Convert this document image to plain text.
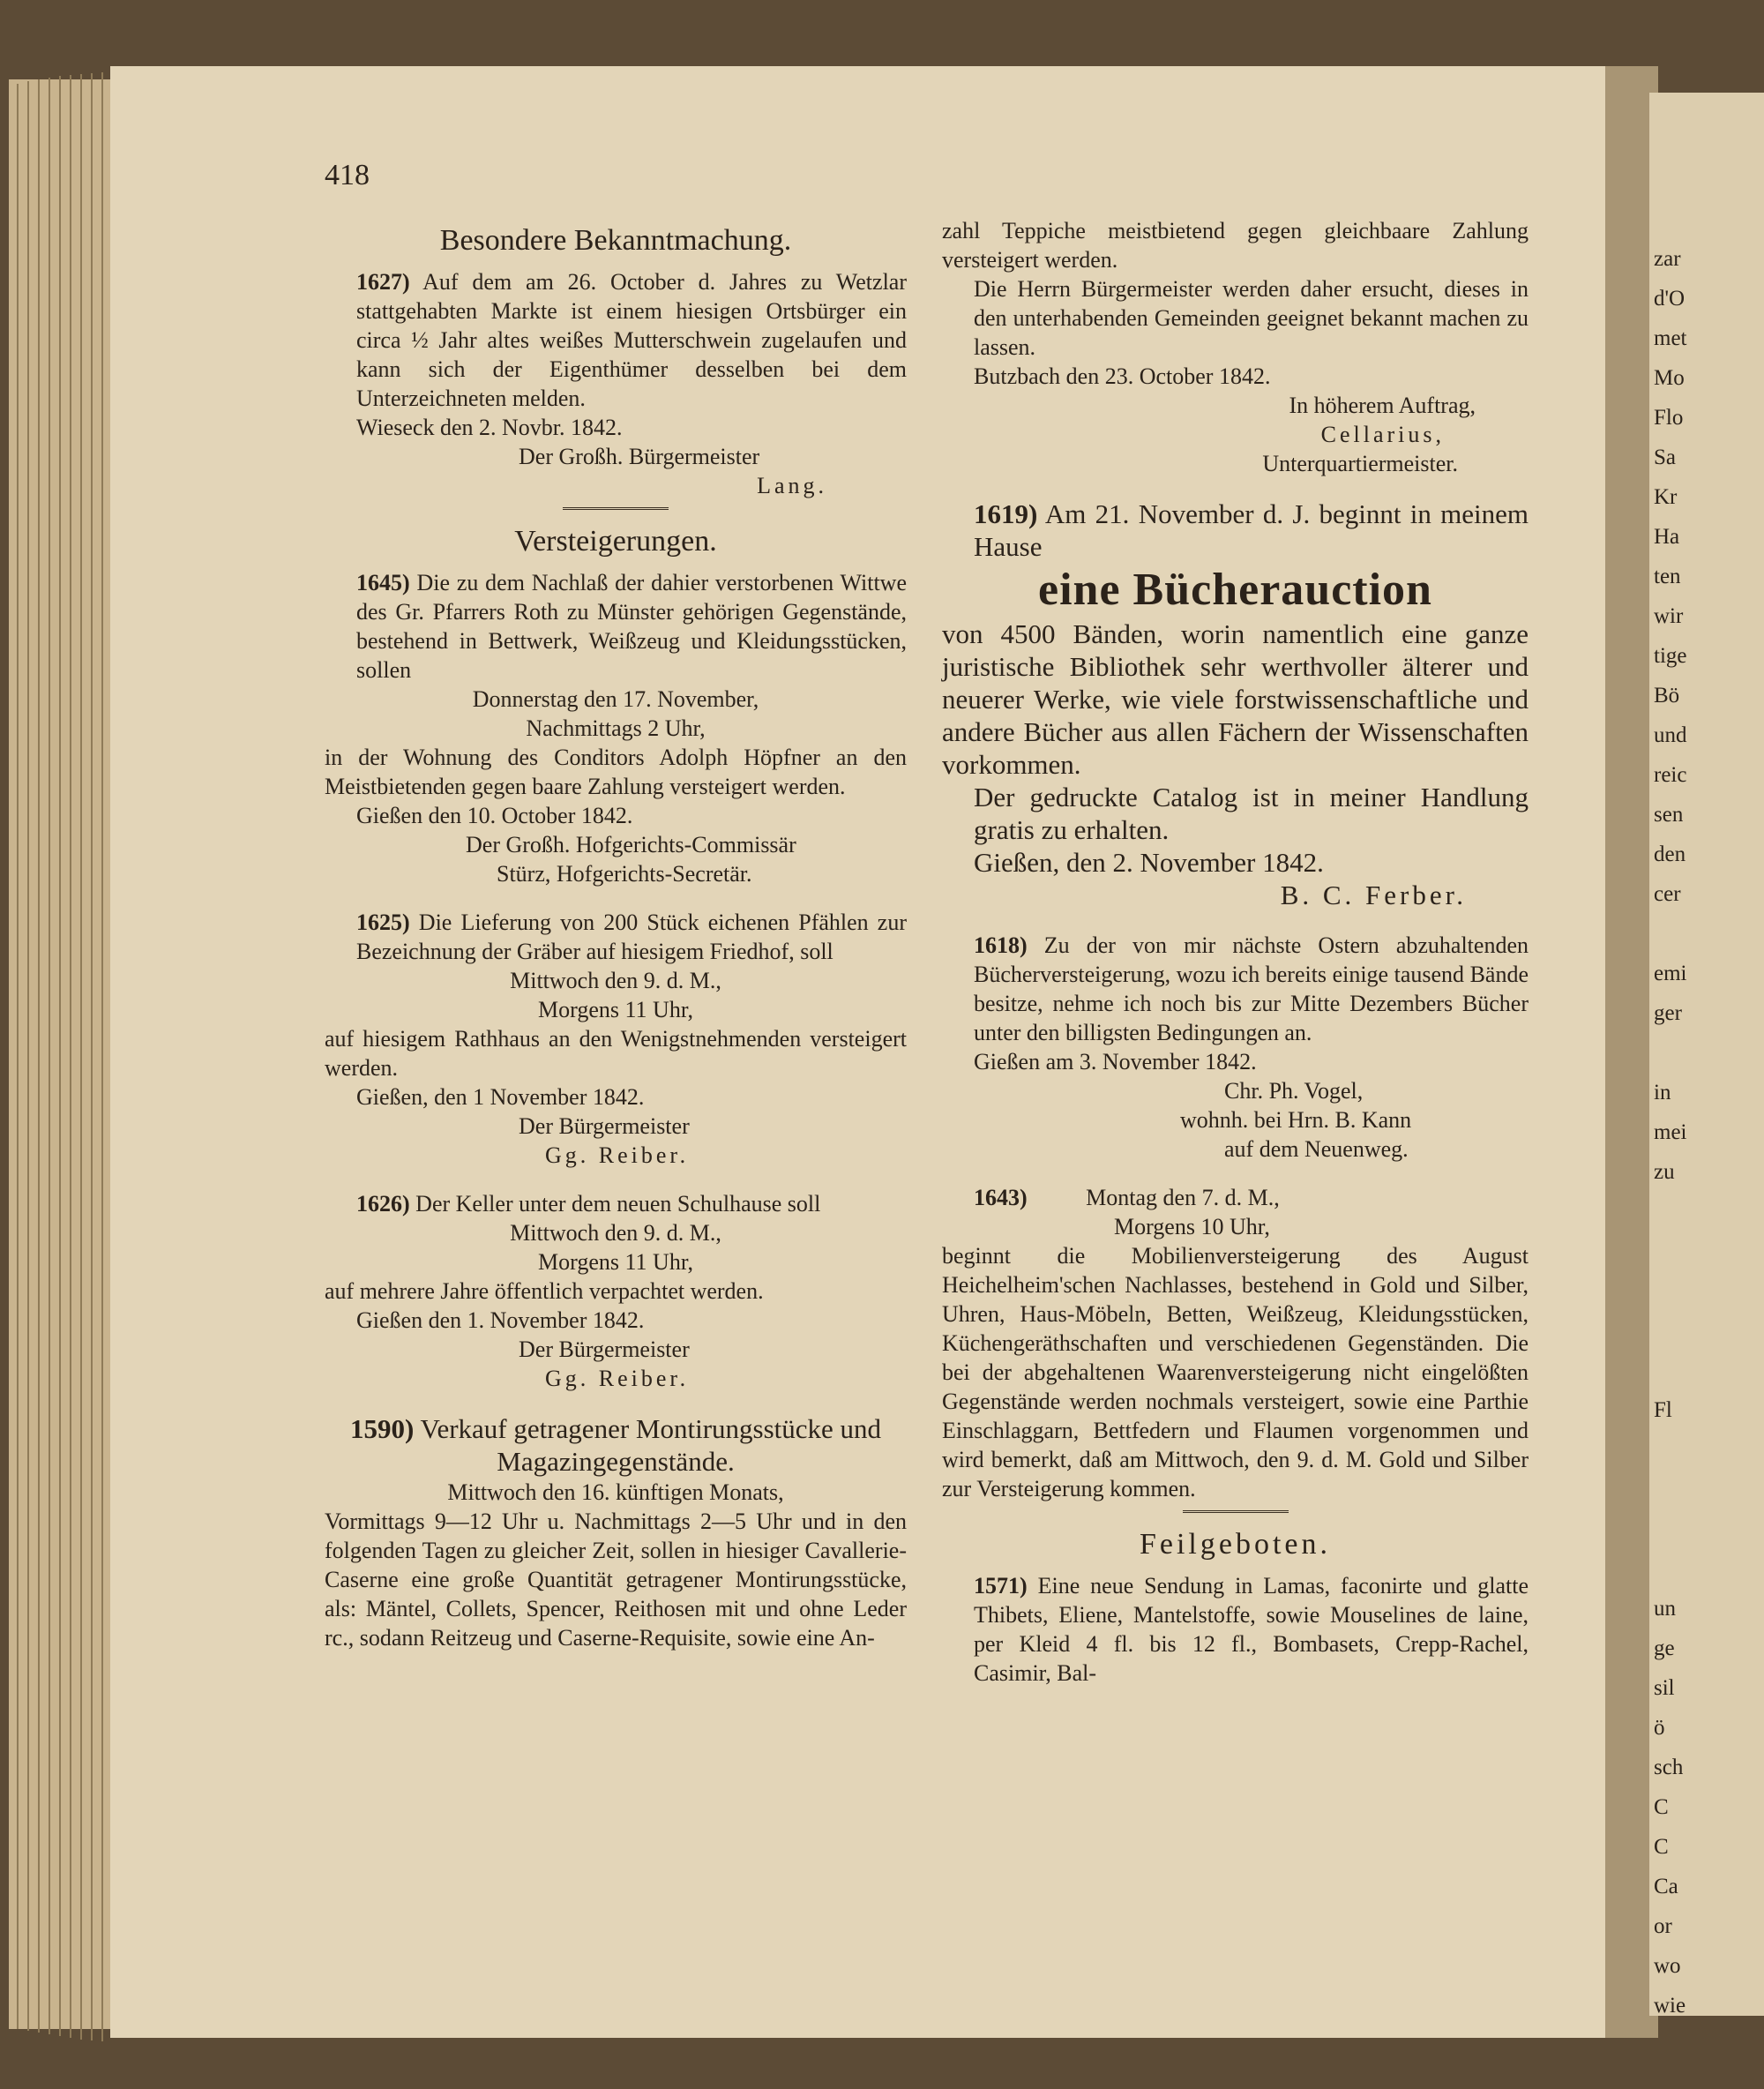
418
Besondere Bekanntmachung.

1627) Auf dem am 26. October d. Jahres zu Wetzlar stattgehabten Markte ist einem hiesigen Ortsbürger ein circa ½ Jahr altes weißes Mutterschwein zugelaufen und kann sich der Eigenthümer desselben bei dem Unterzeichneten melden.

Wieseck den 2. Novbr. 1842.

Der Großh. Bürgermeister

Lang.

Versteigerungen.

1645) Die zu dem Nachlaß der dahier verstorbenen Wittwe des Gr. Pfarrers Roth zu Münster gehörigen Gegenstände, bestehend in Bettwerk, Weißzeug und Kleidungsstücken, sollen

Donnerstag den 17. November,

Nachmittags 2 Uhr,

in der Wohnung des Conditors Adolph Höpfner an den Meistbietenden gegen baare Zahlung versteigert werden.

Gießen den 10. October 1842.

Der Großh. Hofgerichts-Commissär

Stürz, Hofgerichts-Secretär.

1625) Die Lieferung von 200 Stück eichenen Pfählen zur Bezeichnung der Gräber auf hiesigem Friedhof, soll

Mittwoch den 9. d. M.,

Morgens 11 Uhr,

auf hiesigem Rathhaus an den Wenigstnehmenden versteigert werden.

Gießen, den 1 November 1842.

Der Bürgermeister

Gg. Reiber.

1626) Der Keller unter dem neuen Schulhause soll

Mittwoch den 9. d. M.,

Morgens 11 Uhr,

auf mehrere Jahre öffentlich verpachtet werden.

Gießen den 1. November 1842.

Der Bürgermeister

Gg. Reiber.

1590) Verkauf getragener Montirungsstücke und Magazingegenstände.

Mittwoch den 16. künftigen Monats,

Vormittags 9—12 Uhr u. Nachmittags 2—5 Uhr und in den folgenden Tagen zu gleicher Zeit, sollen in hiesiger Cavallerie-Caserne eine große Quantität getragener Montirungsstücke, als: Mäntel, Collets, Spencer, Reithosen mit und ohne Leder rc., sodann Reitzeug und Caserne-Requisite, sowie eine An-

zahl Teppiche meistbietend gegen gleichbaare Zahlung versteigert werden.

Die Herrn Bürgermeister werden daher ersucht, dieses in den unterhabenden Gemeinden geeignet bekannt machen zu lassen.

Butzbach den 23. October 1842.

In höherem Auftrag,

Cellarius,

Unterquartiermeister.

1619) Am 21. November d. J. beginnt in meinem Hause

eine Bücherauction

von 4500 Bänden, worin namentlich eine ganze juristische Bibliothek sehr werthvoller älterer und neuerer Werke, wie viele forstwissenschaftliche und andere Bücher aus allen Fächern der Wissenschaften vorkommen.

Der gedruckte Catalog ist in meiner Handlung gratis zu erhalten.

Gießen, den 2. November 1842.

B. C. Ferber.

1618) Zu der von mir nächste Ostern abzuhaltenden Bücherversteigerung, wozu ich bereits einige tausend Bände besitze, nehme ich noch bis zur Mitte Dezembers Bücher unter den billigsten Bedingungen an.

Gießen am 3. November 1842.

Chr. Ph. Vogel,

wohnh. bei Hrn. B. Kann

auf dem Neuenweg.

1643) Montag den 7. d. M.,

Morgens 10 Uhr,

beginnt die Mobilienversteigerung des August Heichelheim'schen Nachlasses, bestehend in Gold und Silber, Uhren, Haus-Möbeln, Betten, Weißzeug, Kleidungsstücken, Küchengeräthschaften und verschiedenen Gegenständen. Die bei der abgehaltenen Waarenversteigerung nicht eingelößten Gegenstände werden nochmals versteigert, sowie eine Parthie Einschlaggarn, Bettfedern und Flaumen vorgenommen und wird bemerkt, daß am Mittwoch, den 9. d. M. Gold und Silber zur Versteigerung kommen.

Feilgeboten.

1571) Eine neue Sendung in Lamas, faconirte und glatte Thibets, Eliene, Mantelstoffe, sowie Mouselines de laine, per Kleid 4 fl. bis 12 fl., Bombasets, Crepp-Rachel, Casimir, Bal-

zar
d'O
met
Mo
Flo
Sa
Kr
Ha
ten
wir
tige
Bö
und
reic
sen
den
cer
emi
ger
in
mei
zu
Fl
un
ge
sil
ö
sch
C
C
Ca
or
wo
wie
